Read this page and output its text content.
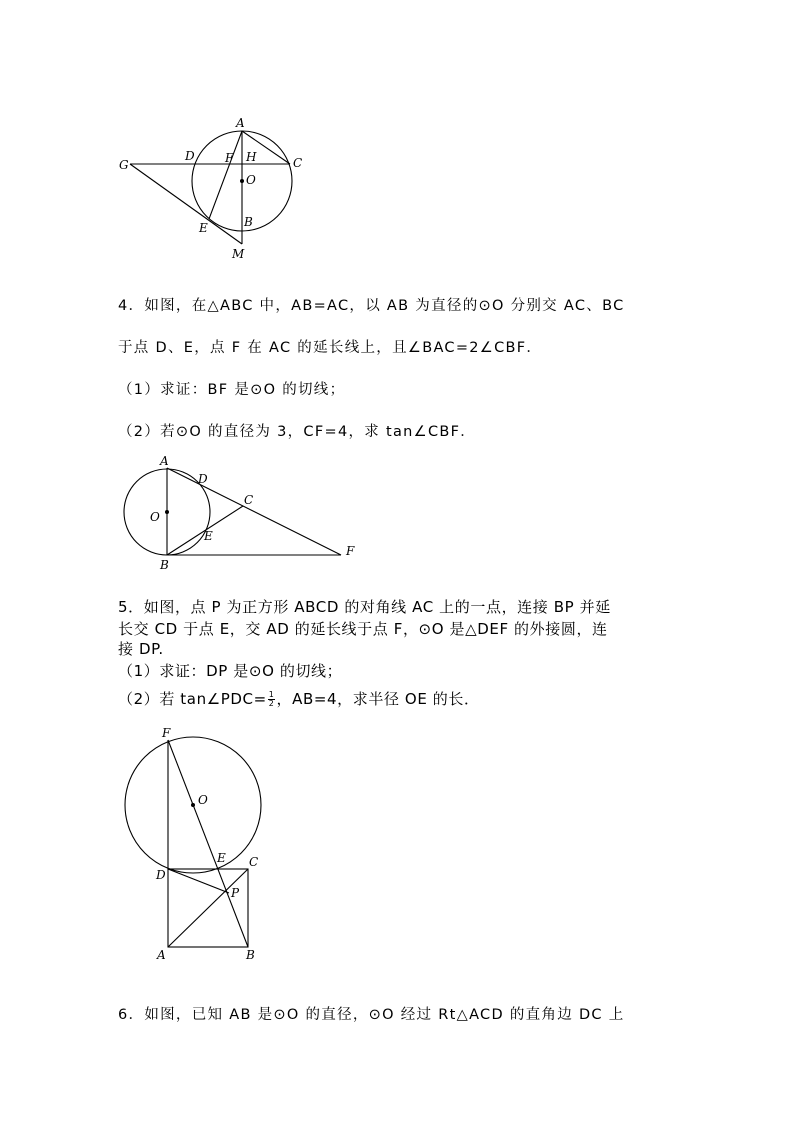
A
C
D	F H
O
G
E	B
M
4．如图，在△ABC 中，AB=AC，以 AB 为直径的⊙O 分别交 AC、BC
于点 D、E，点 F 在 AC 的延长线上，且∠BAC=2∠CBF．
（1）求证：BF 是⊙O 的切线；
（2）若⊙O 的直径为 3，CF=4，求 tan∠CBF．
A
D
C
O
E
B
F
5．如图，点 P 为正方形 ABCD 的对角线 AC 上的一点，连接 BP 并延
长交 CD 于点 E，交 AD 的延长线于点 F，⊙O 是△DEF 的外接圆，连
接 DP.
（1）求证：DP 是⊙O 的切线；
（2）若 tan∠PDC= $\frac{1}{2}$ ，AB=4，求半径 OE 的长．
F
O
E C
D
P
A	B
6．如图，已知 AB 是⊙O 的直径，⊙O 经过 Rt△ACD 的直角边 DC 上
